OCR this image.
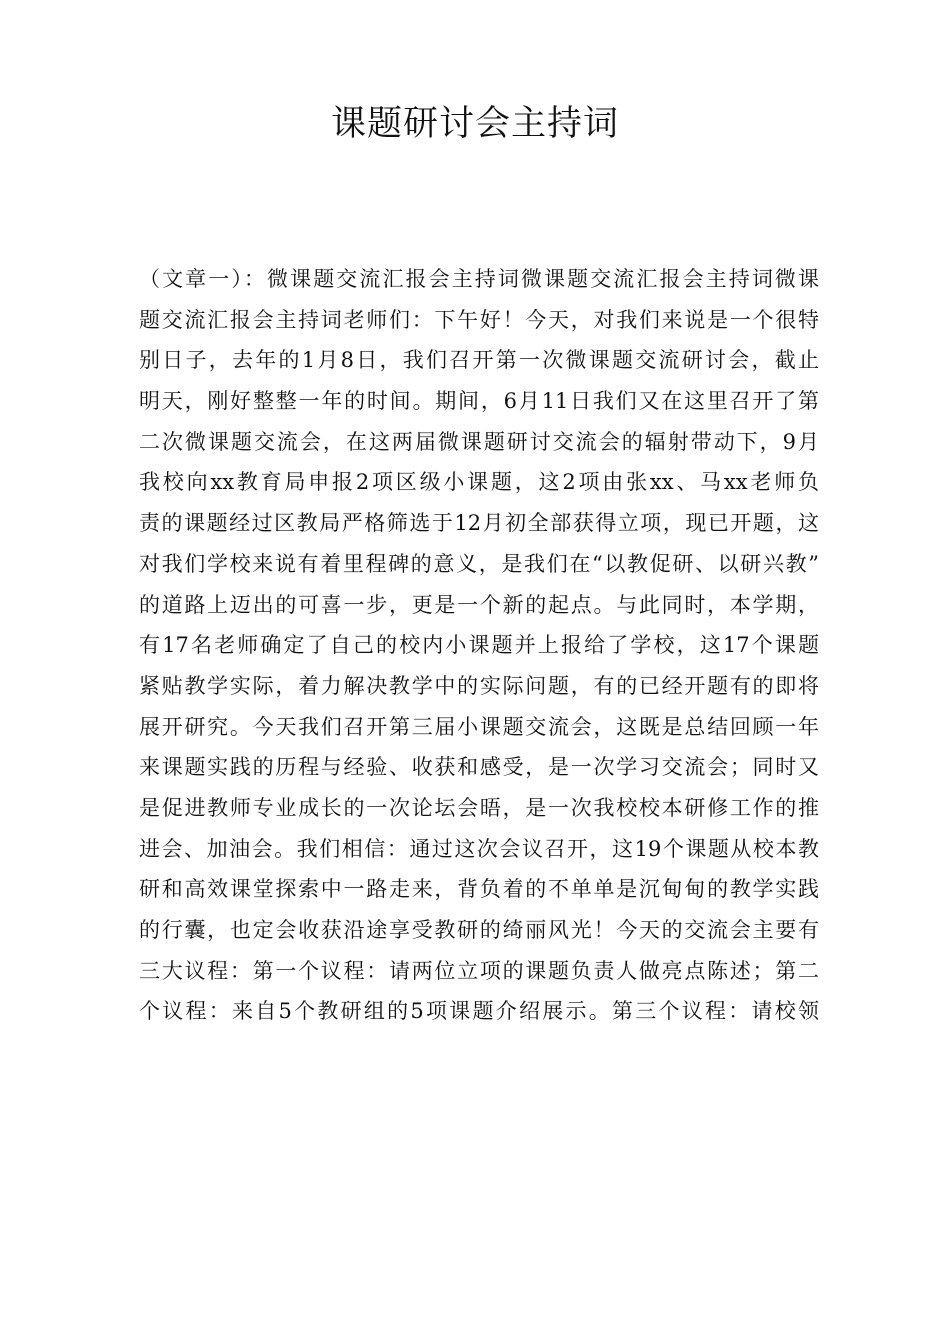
课题研讨会主持词
（文章一）：微课题交流汇报会主持词微课题交流汇报会主持词微课
题交流汇报会主持词老师们：下午好！今天，对我们来说是一个很特
别日子，去年的1月8日，我们召开第一次微课题交流研讨会，截止
明天，刚好整整一年的时间。期间，6月11日我们又在这里召开了第
二次微课题交流会，在这两届微课题研讨交流会的辐射带动下，9月
我校向xx教育局申报2项区级小课题，这2项由张xx、马xx老师负
责的课题经过区教局严格筛选于12月初全部获得立项，现已开题，这
对我们学校来说有着里程碑的意义，是我们在“以教促研、以研兴教”
的道路上迈出的可喜一步，更是一个新的起点。与此同时，本学期，
有17名老师确定了自己的校内小课题并上报给了学校，这17个课题
紧贴教学实际，着力解决教学中的实际问题，有的已经开题有的即将
展开研究。今天我们召开第三届小课题交流会，这既是总结回顾一年
来课题实践的历程与经验、收获和感受，是一次学习交流会；同时又
是促进教师专业成长的一次论坛会晤，是一次我校校本研修工作的推
进会、加油会。我们相信：通过这次会议召开，这19个课题从校本教
研和高效课堂探索中一路走来，背负着的不单单是沉甸甸的教学实践
的行囊，也定会收获沿途享受教研的绮丽风光！今天的交流会主要有
三大议程：第一个议程：请两位立项的课题负责人做亮点陈述；第二
个议程：来自5个教研组的5项课题介绍展示。第三个议程：请校领
